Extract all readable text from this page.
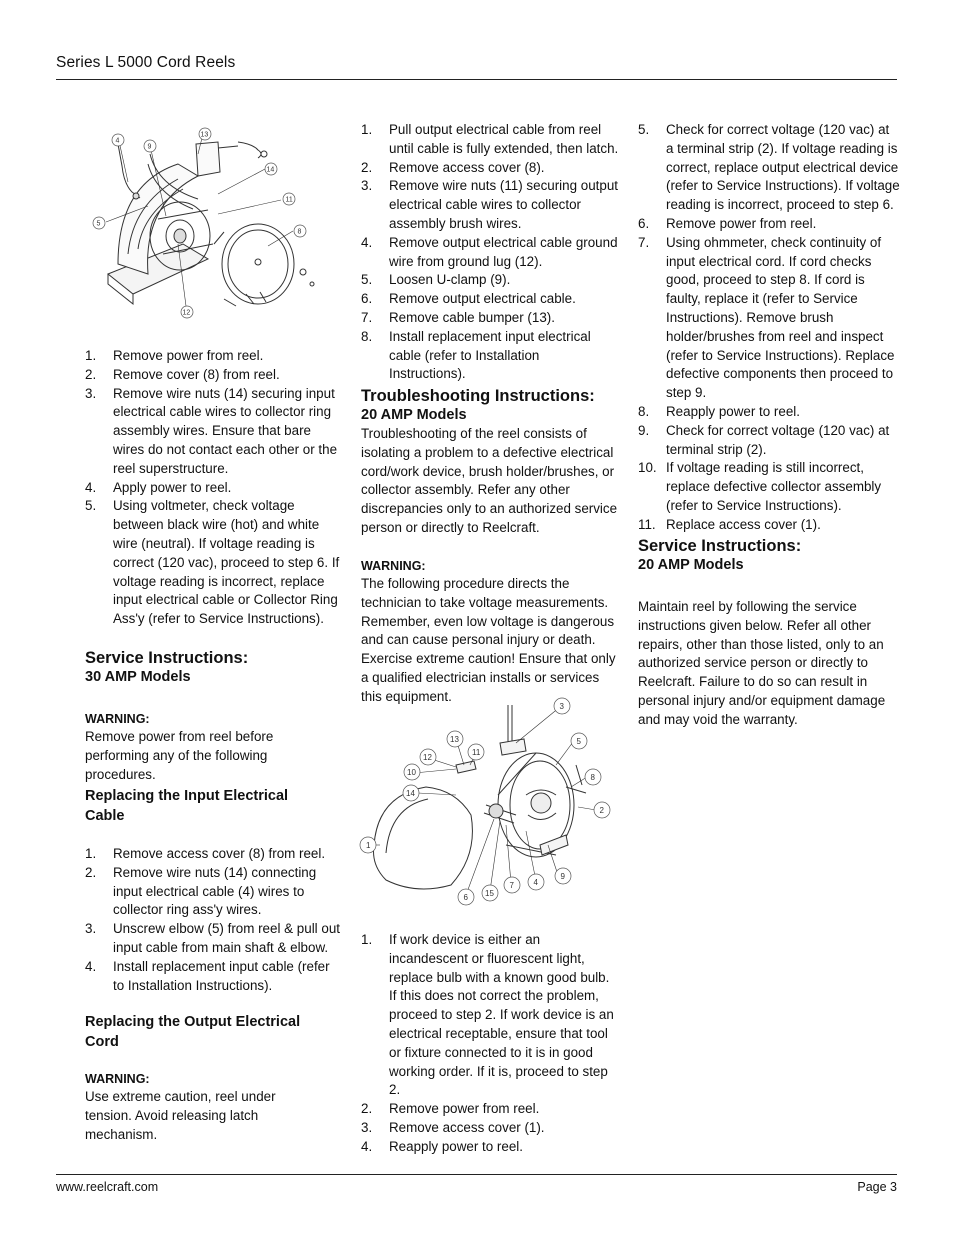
Series L 5000 Cord Reels
4
9
13
14
11
5
8
12
1. Remove power from reel.
2. Remove cover (8) from reel.
3. Remove wire nuts (14) securing input electrical cable wires to collector ring assembly wires. Ensure that bare wires do not contact each other or the reel superstructure.
4. Apply power to reel.
5. Using voltmeter, check voltage between black wire (hot) and white wire (neutral). If voltage reading is correct (120 vac), proceed to step 6. If voltage reading is incorrect, replace input electrical cable or Collector Ring Ass'y (refer to Service Instructions).
Service Instructions:
30 AMP Models
WARNING:

Remove power from reel before performing any of the following procedures.

Replacing the Input Electrical Cable
1. Remove access cover (8) from reel.
2. Remove wire nuts (14) connecting input electrical cable (4) wires to collector ring ass'y wires.
3. Unscrew elbow (5) from reel & pull out input cable from main shaft & elbow.
4. Install replacement input cable (refer to Installation Instructions).
Replacing the Output Electrical Cord
WARNING:

Use extreme caution, reel under tension. Avoid releasing latch mechanism.

1. Pull output electrical cable from reel until cable is fully extended, then latch.
2. Remove access cover (8).
3. Remove wire nuts (11) securing output electrical cable wires to collector assembly brush wires.
4. Remove output electrical cable ground wire from ground lug (12).
5. Loosen U-clamp (9).
6. Remove output electrical cable.
7. Remove cable bumper (13).
8. Install replacement input electrical cable (refer to Installation Instructions).
Troubleshooting Instructions:
20 AMP Models

Troubleshooting of the reel consists of isolating a problem to a defective electrical cord/work device, brush holder/brushes, or collector assembly. Refer any other discrepancies only to an authorized service person or directly to Reelcraft.

WARNING:

The following procedure directs the technician to take voltage measurements. Remember, even low voltage is dangerous and can cause personal injury or death. Exercise extreme caution! Ensure that only a qualified electrician installs or services this equipment.

3
13
11
5
12
10
8
14
2
1
9
7 4
6 15
1. If work device is either an incandescent or fluorescent light, replace bulb with a known good bulb. If this does not correct the problem, proceed to step 2. If work device is an electrical receptable, ensure that tool or fixture connected to it is in good working order. If it is, proceed to step 2.
2. Remove power from reel.
3. Remove access cover (1).
4. Reapply power to reel.
5. Check for correct voltage (120 vac) at a terminal strip (2). If voltage reading is correct, replace output electrical device (refer to Service Instructions). If voltage reading is incorrect, proceed to step 6.
6. Remove power from reel.
7. Using ohmmeter, check continuity of input electrical cord. If cord checks good, proceed to step 8. If cord is faulty, replace it (refer to Service Instructions). Remove brush holder/brushes from reel and inspect (refer to Service Instructions). Replace defective components then proceed to step 9.
8. Reapply power to reel.
9. Check for correct voltage (120 vac) at terminal strip (2).
10. If voltage reading is still incorrect, replace defective collector assembly (refer to Service Instructions).
11. Replace access cover (1).
Service Instructions:
20 AMP Models

Maintain reel by following the service instructions given below. Refer all other repairs, other than those listed, only to an authorized service person or directly to Reelcraft. Failure to do so can result in personal injury and/or equipment damage and may void the warranty.

www.reelcraft.com	Page 3
